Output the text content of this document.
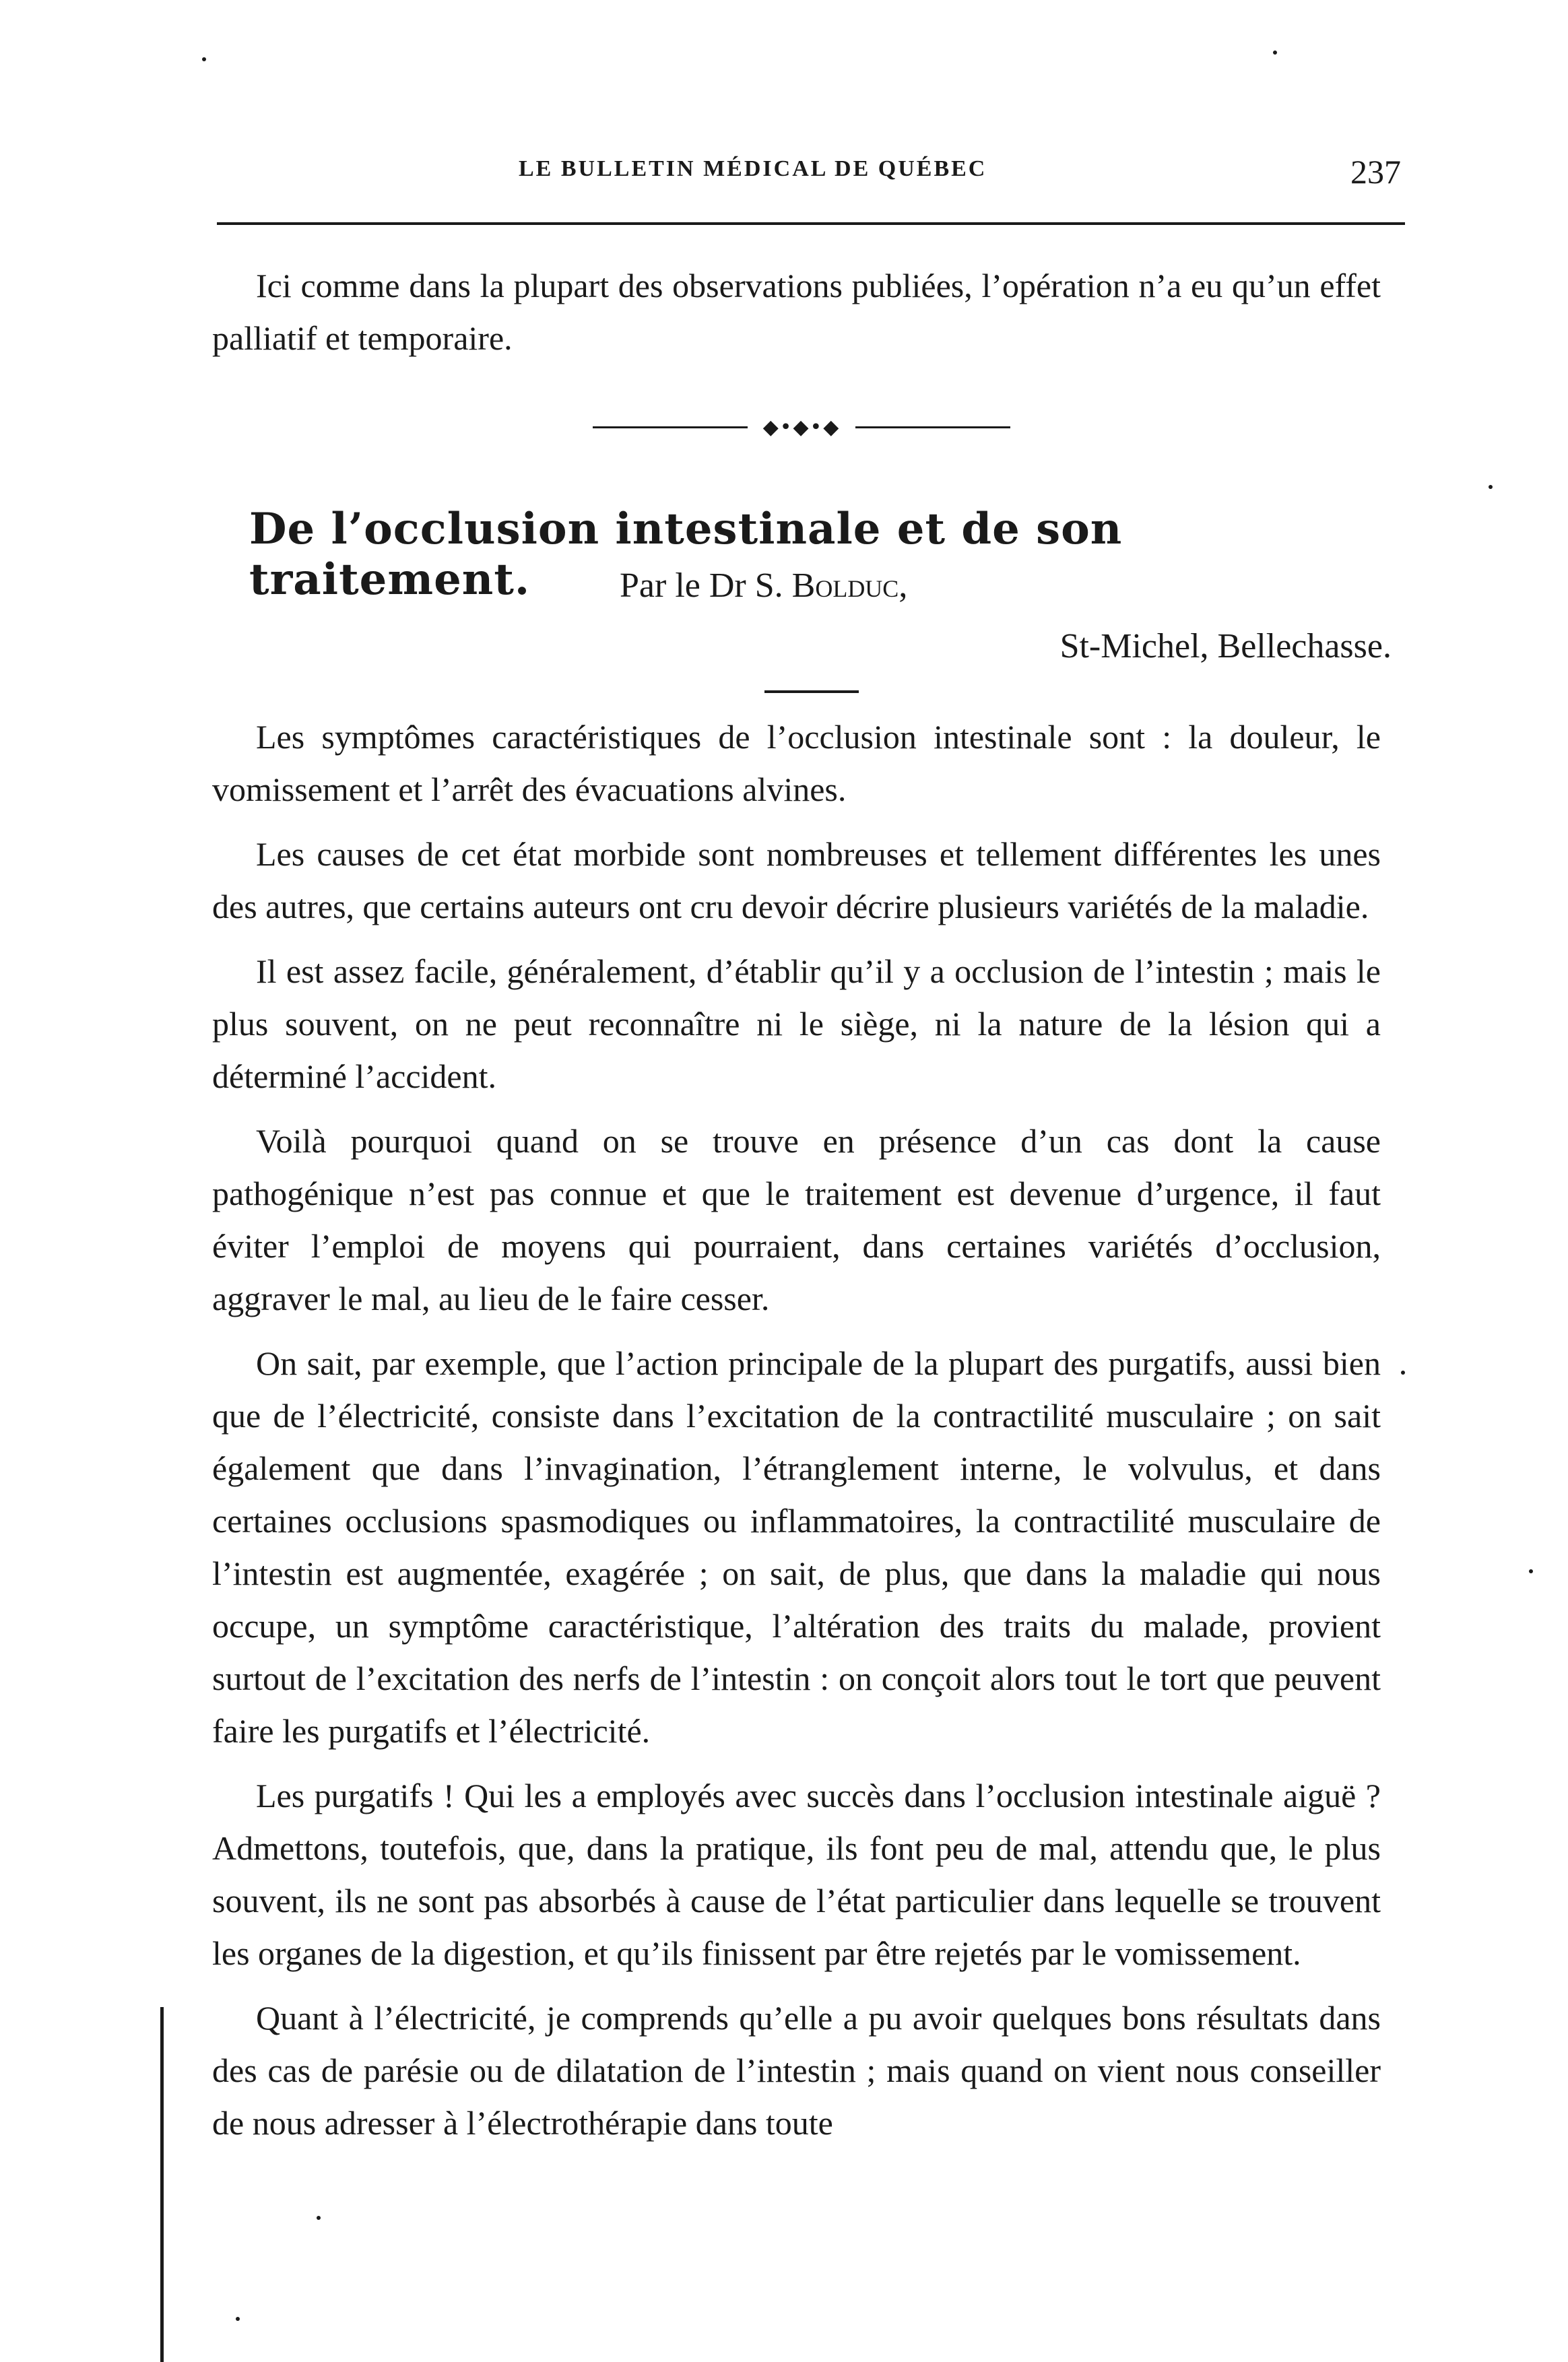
LE BULLETIN MÉDICAL DE QUÉBEC	237

Ici comme dans la plupart des observations publiées, l’opération n’a eu qu’un effet palliatif et temporaire.

◆•◆•◆
De l’occlusion intestinale et de son traitement.	Par le Dr S. Bolduc,
St-Michel, Bellechasse.

Les symptômes caractéristiques de l’occlusion intestinale sont : la douleur, le vomissement et l’arrêt des évacuations alvines.

Les causes de cet état morbide sont nombreuses et tellement différentes les unes des autres, que certains auteurs ont cru devoir décrire plusieurs variétés de la maladie.

Il est assez facile, généralement, d’établir qu’il y a occlusion de l’intestin ; mais le plus souvent, on ne peut reconnaître ni le siège, ni la nature de la lésion qui a déterminé l’accident.

Voilà pourquoi quand on se trouve en présence d’un cas dont la cause pathogénique n’est pas connue et que le traitement est devenue d’urgence, il faut éviter l’emploi de moyens qui pourraient, dans certaines variétés d’occlusion, aggraver le mal, au lieu de le faire cesser.

On sait, par exemple, que l’action principale de la plupart des purgatifs, aussi bien que de l’électricité, consiste dans l’excitation de la contractilité musculaire ; on sait également que dans l’invagination, l’étranglement interne, le volvulus, et dans certaines occlusions spasmodiques ou inflammatoires, la contractilité musculaire de l’intestin est augmentée, exagérée ; on sait, de plus, que dans la maladie qui nous occupe, un symptôme caractéristique, l’altération des traits du malade, provient surtout de l’excitation des nerfs de l’intestin : on conçoit alors tout le tort que peuvent faire les purgatifs et l’électricité.

Les purgatifs ! Qui les a employés avec succès dans l’occlusion intestinale aiguë ? Admettons, toutefois, que, dans la pratique, ils font peu de mal, attendu que, le plus souvent, ils ne sont pas absorbés à cause de l’état particulier dans lequelle se trouvent les organes de la digestion, et qu’ils finissent par être rejetés par le vomissement.

Quant à l’électricité, je comprends qu’elle a pu avoir quelques bons résultats dans des cas de parésie ou de dilatation de l’intestin ; mais quand on vient nous conseiller de nous adresser à l’électrothérapie dans toute
